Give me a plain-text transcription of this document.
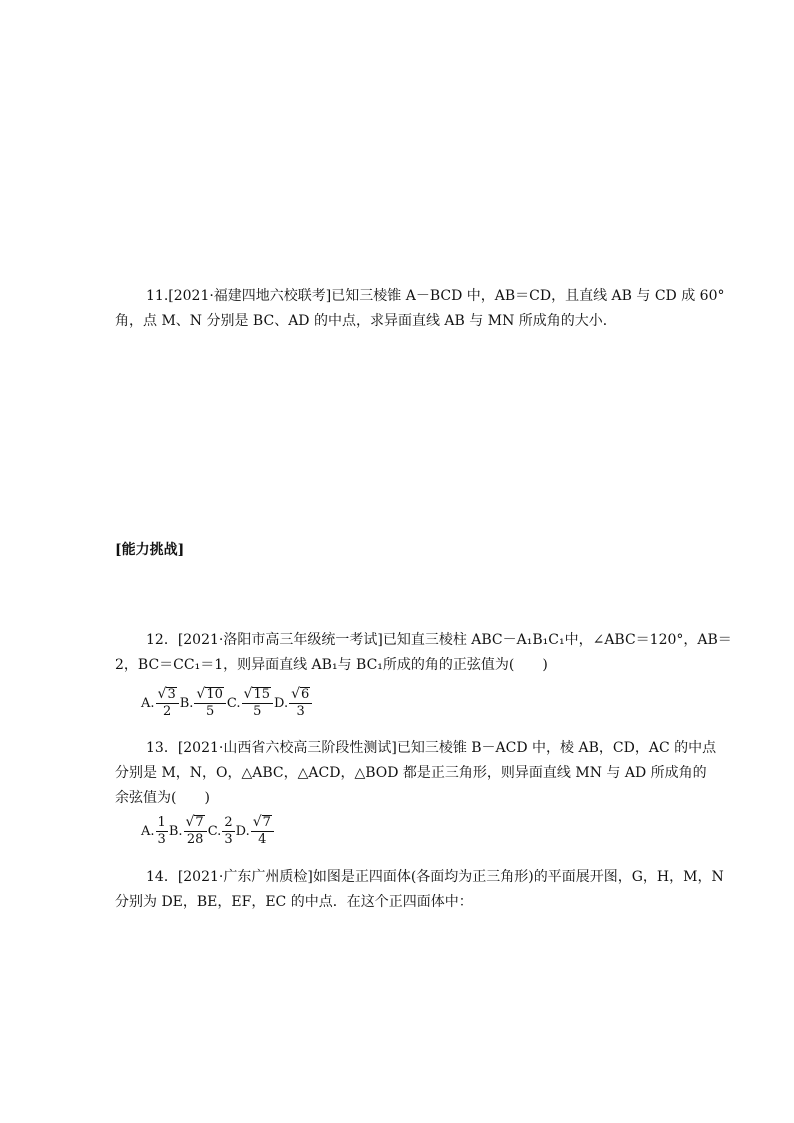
11.[2021·福建四地六校联考]已知三棱锥 A－BCD 中，AB＝CD，且直线 AB 与 CD 成 60°
角，点 M、N 分别是 BC、AD 的中点，求异面直线 AB 与 MN 所成角的大小．
[能力挑战]
12．[2021·洛阳市高三年级统一考试]已知直三棱柱 ABC－A₁B₁C₁中，∠ABC＝120°，AB＝
2，BC＝CC₁＝1，则异面直线 AB₁与 BC₁所成的角的正弦值为(　　)
A. $\frac{√ 3}{2} B$. $\frac{√ 10}{5} C$. $\frac{√ 15}{5} D$. $\frac{√ 6}{3}$
13．[2021·山西省六校高三阶段性测试]已知三棱锥 B－ACD 中，棱 AB，CD，AC 的中点
分别是 M，N，O，△ABC，△ACD，△BOD 都是正三角形，则异面直线 MN 与 AD 所成角的
余弦值为(　　)
A. $\frac{1}{3} B$. $\frac{√ 7}{28} C$. $\frac{2}{3} D$. $\frac{√ 7}{4}$
14．[2021·广东广州质检]如图是正四面体(各面均为正三角形)的平面展开图，G，H，M，N
分别为 DE，BE，EF，EC 的中点．在这个正四面体中：
